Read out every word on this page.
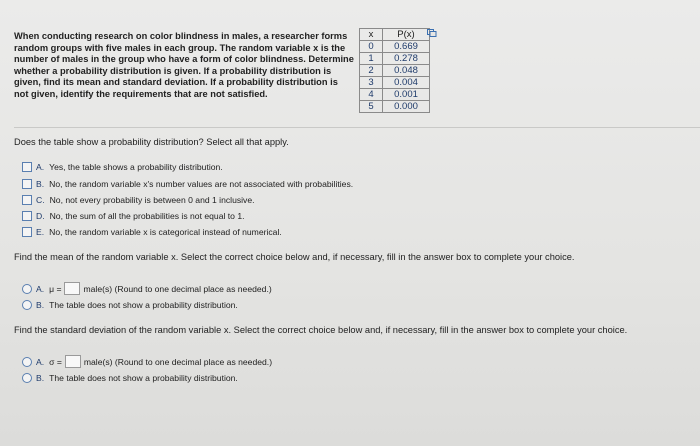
When conducting research on color blindness in males, a researcher forms random groups with five males in each group. The random variable x is the number of males in the group who have a form of color blindness. Determine whether a probability distribution is given. If a probability distribution is given, find its mean and standard deviation. If a probability distribution is not given, identify the requirements that are not satisfied.
x	P(x)
0	0.669
1	0.278
2	0.048
3	0.004
4	0.001
5	0.000
Does the table show a probability distribution? Select all that apply.
A. Yes, the table shows a probability distribution.
B. No, the random variable x's number values are not associated with probabilities.
C. No, not every probability is between 0 and 1 inclusive.
D. No, the sum of all the probabilities is not equal to 1.
E. No, the random variable x is categorical instead of numerical.
Find the mean of the random variable x. Select the correct choice below and, if necessary, fill in the answer box to complete your choice.
A. μ =	male(s) (Round to one decimal place as needed.)
B. The table does not show a probability distribution.
Find the standard deviation of the random variable x. Select the correct choice below and, if necessary, fill in the answer box to complete your choice.
A. σ =	male(s) (Round to one decimal place as needed.)
B. The table does not show a probability distribution.
